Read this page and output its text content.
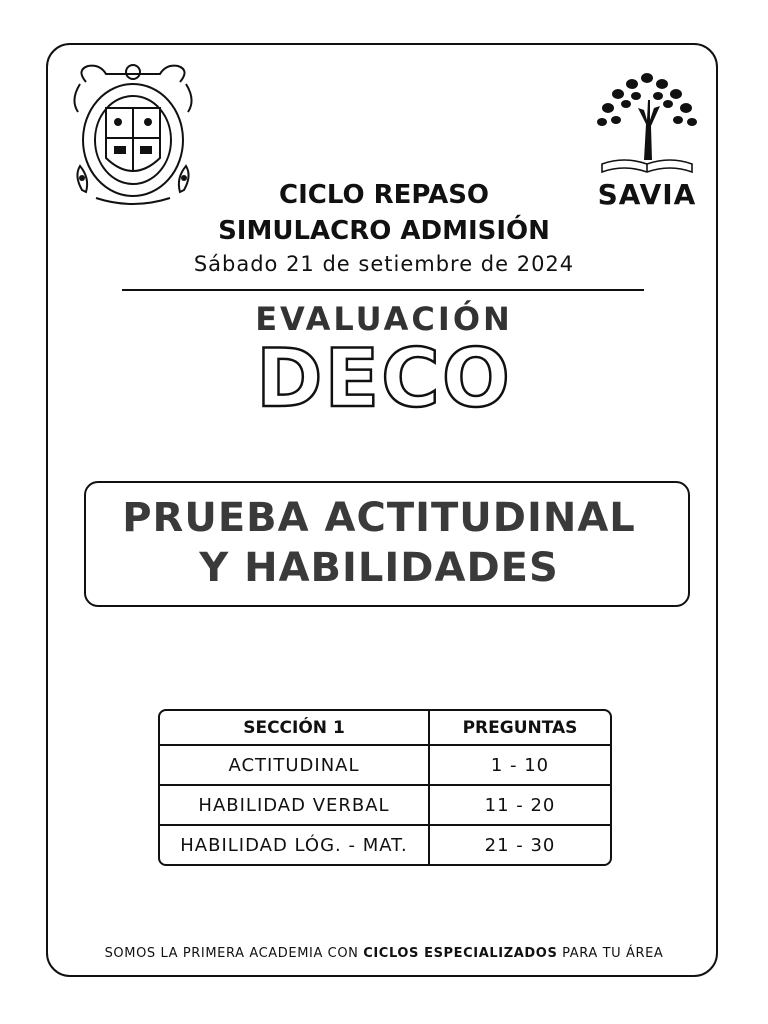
SAVIA
CICLO REPASO
SIMULACRO ADMISIÓN
Sábado 21 de setiembre de 2024
EVALUACIÓN
DECO
PRUEBA ACTITUDINAL
Y HABILIDADES
SECCIÓN 1	PREGUNTAS
ACTITUDINAL	1 - 10
HABILIDAD VERBAL	11 - 20
HABILIDAD LÓG. - MAT.	21 - 30
SOMOS LA PRIMERA ACADEMIA CON CICLOS ESPECIALIZADOS PARA TU ÁREA
